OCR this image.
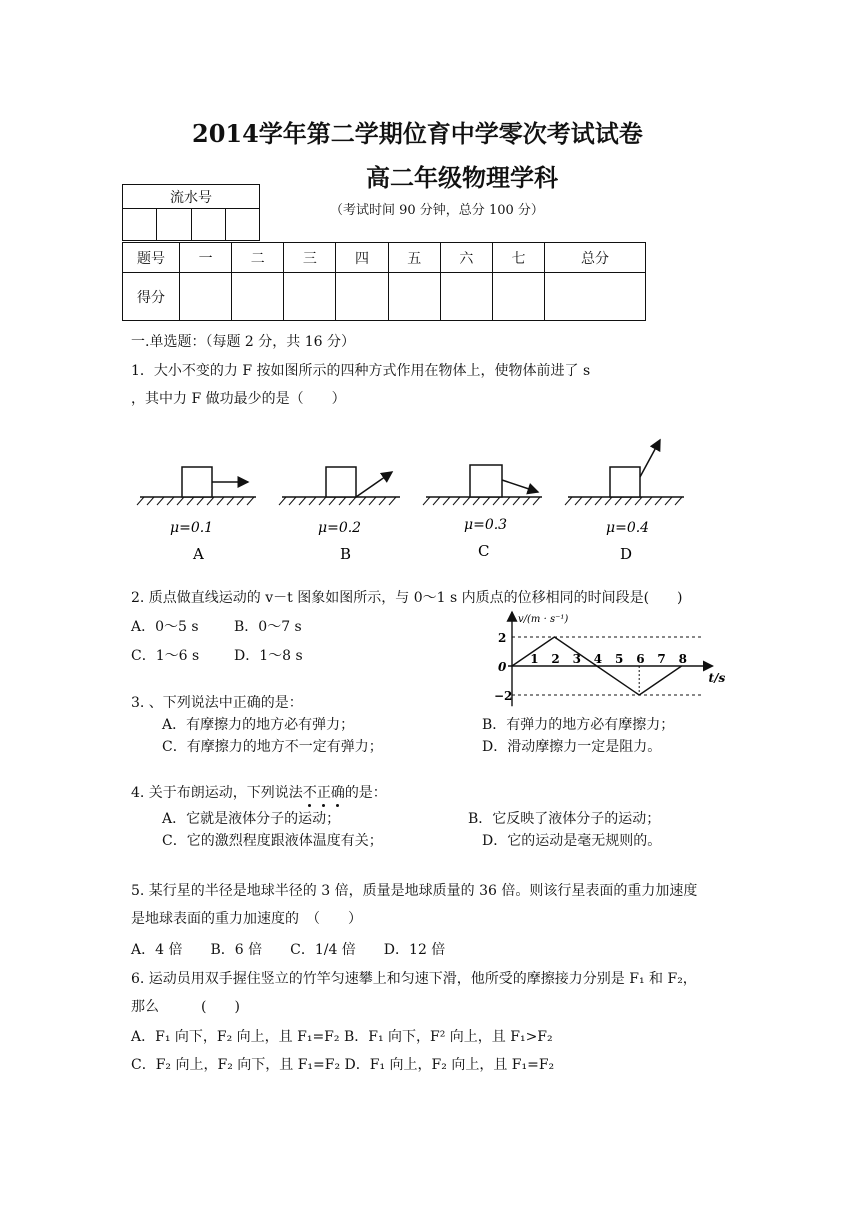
2014学年第二学期位育中学零次考试试卷
高二年级物理学科
（考试时间 90 分钟，总分 100 分）
流水号

题号	一	二	三	四	五	六	七	总分
得分								
一.单选题：（每题 2 分，共 16 分）
1．大小不变的力 F 按如图所示的四种方式作用在物体上，使物体前进了 s
，其中力 F 做功最少的是（　　）
μ=0.1
A
μ=0.2
B
μ=0.3
C
μ=0.4
D
2. 质点做直线运动的 v－t 图象如图所示，与 0～1 s 内质点的位移相同的时间段是(　　)
A．0～5 s	B．0～7 s
C．1～6 s D．1～8 s	1 2 3 4 5 6 7 8
2
0
−2
v/(m · s⁻¹)
t/s
3. 、下列说法中正确的是：
A．有摩擦力的地方必有弹力；	B．有弹力的地方必有摩擦力；
C．有摩擦力的地方不一定有弹力；	D．滑动摩擦力一定是阻力。
4. 关于布朗运动，下列说法不
正
确
的是：
A．它就是液体分子的运动；	B．它反映了液体分子的运动；
C．它的激烈程度跟液体温度有关；	D．它的运动是毫无规则的。
5. 某行星的半径是地球半径的 3 倍，质量是地球质量的 36 倍。则该行星表面的重力加速度
是地球表面的重力加速度的　（　　）
A．4 倍　　B．6 倍　　C．1/4 倍　　D．12 倍
6. 运动员用双手握住竖立的竹竿匀速攀上和匀速下滑，他所受的摩擦接力分别是 F₁ 和 F₂，
那么　　　(　　)
A．F₁ 向下，F₂ 向上，且 F₁=F₂ B．F₁ 向下，F² 向上，且 F₁>F₂
C．F₂ 向上，F₂ 向下，且 F₁=F₂ D．F₁ 向上，F₂ 向上，且 F₁=F₂
